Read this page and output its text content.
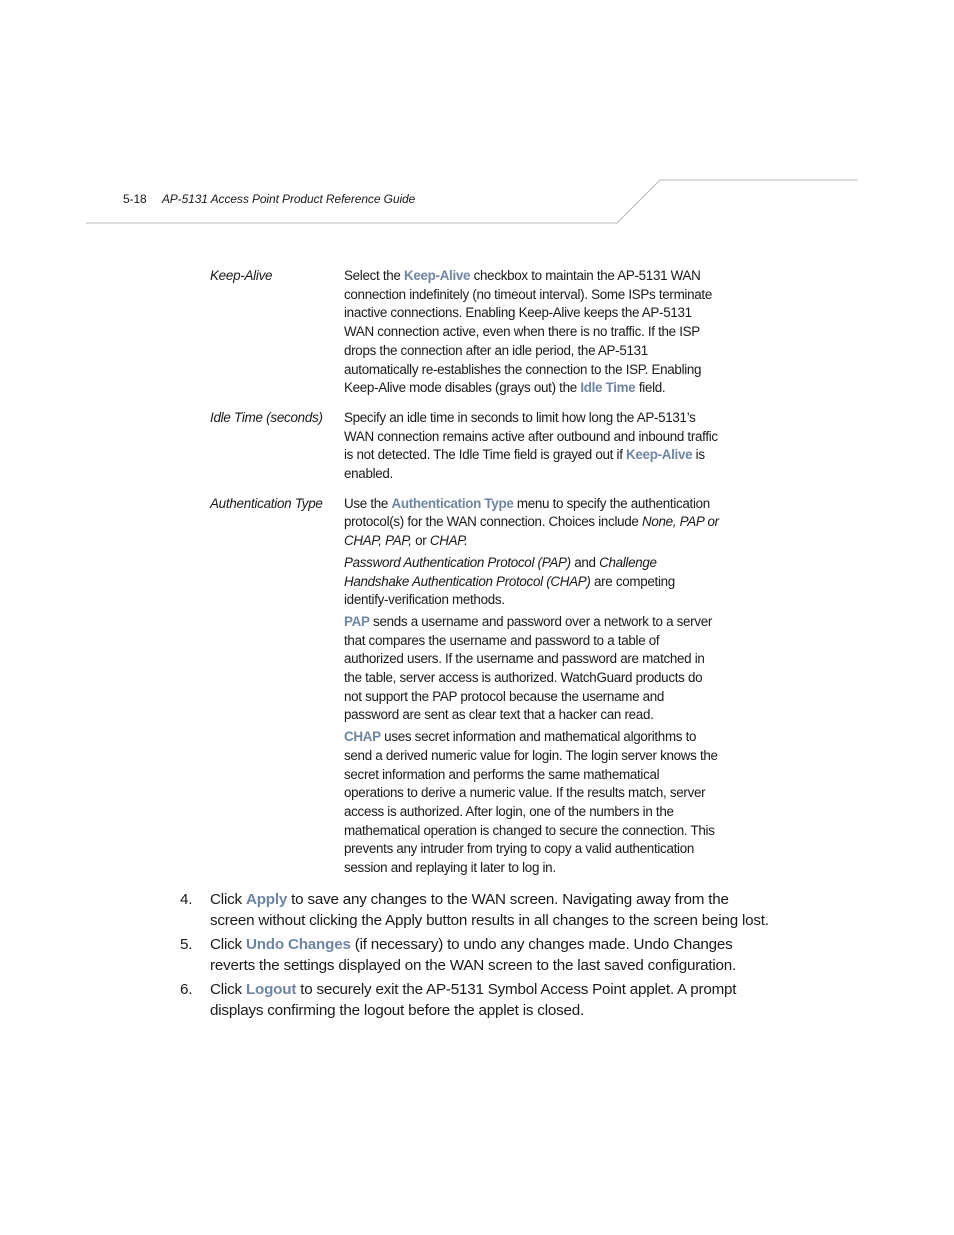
5-18 AP-5131 Access Point Product Reference Guide
Keep-Alive	Select the Keep-Alive checkbox to maintain the AP-5131 WAN connection indefinitely (no timeout interval). Some ISPs terminate inactive connections. Enabling Keep-Alive keeps the AP-5131 WAN connection active, even when there is no traffic. If the ISP drops the connection after an idle period, the AP-5131 automatically re-establishes the connection to the ISP. Enabling Keep-Alive mode disables (grays out) the Idle Time field.

Idle Time (seconds)	Specify an idle time in seconds to limit how long the AP-5131’s WAN connection remains active after outbound and inbound traffic is not detected. The Idle Time field is grayed out if Keep-Alive is enabled.

Authentication Type	Use the Authentication Type menu to specify the authentication protocol(s) for the WAN connection. Choices include None, PAP or CHAP, PAP, or CHAP.

Password Authentication Protocol (PAP) and Challenge Handshake Authentication Protocol (CHAP) are competing identify-verification methods.

PAP sends a username and password over a network to a server that compares the username and password to a table of authorized users. If the username and password are matched in the table, server access is authorized. WatchGuard products do not support the PAP protocol because the username and password are sent as clear text that a hacker can read.

CHAP uses secret information and mathematical algorithms to send a derived numeric value for login. The login server knows the secret information and performs the same mathematical operations to derive a numeric value. If the results match, server access is authorized. After login, one of the numbers in the mathematical operation is changed to secure the connection. This prevents any intruder from trying to copy a valid authentication session and replaying it later to log in.

4.	Click Apply to save any changes to the WAN screen. Navigating away from the screen without clicking the Apply button results in all changes to the screen being lost.
5.	Click Undo Changes (if necessary) to undo any changes made. Undo Changes reverts the settings displayed on the WAN screen to the last saved configuration.
6.	Click Logout to securely exit the AP-5131 Symbol Access Point applet. A prompt displays confirming the logout before the applet is closed.
